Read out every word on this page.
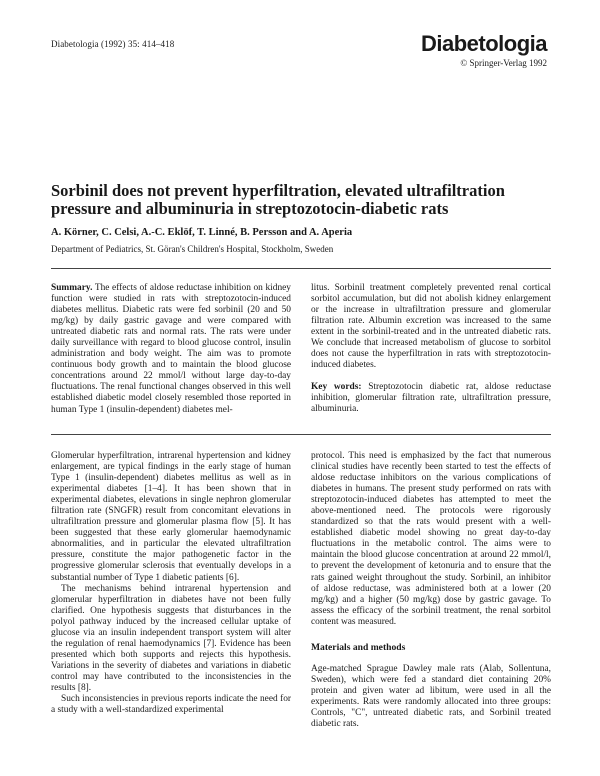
Diabetologia (1992) 35: 414–418	Diabetologia
© Springer-Verlag 1992
Sorbinil does not prevent hyperfiltration, elevated ultrafiltration pressure and albuminuria in streptozotocin-diabetic rats
A. Körner, C. Celsi, A.-C. Eklöf, T. Linné, B. Persson and A. Aperia
Department of Pediatrics, St. Göran's Children's Hospital, Stockholm, Sweden

Summary. The effects of aldose reductase inhibition on kidney function were studied in rats with streptozotocin-induced diabetes mellitus. Diabetic rats were fed sorbinil (20 and 50 mg/kg) by daily gastric gavage and were compared with untreated diabetic rats and normal rats. The rats were under daily surveillance with regard to blood glucose control, insulin administration and body weight. The aim was to promote continuous body growth and to maintain the blood glucose concentrations around 22 mmol/l without large day-to-day fluctuations. The renal functional changes observed in this well established diabetic model closely resembled those reported in human Type 1 (insulin-dependent) diabetes mel-

litus. Sorbinil treatment completely prevented renal cortical sorbitol accumulation, but did not abolish kidney enlargement or the increase in ultrafiltration pressure and glomerular filtration rate. Albumin excretion was increased to the same extent in the sorbinil-treated and in the untreated diabetic rats. We conclude that increased metabolism of glucose to sorbitol does not cause the hyperfiltration in rats with streptozotocin-induced diabetes.

Key words: Streptozotocin diabetic rat, aldose reductase inhibition, glomerular filtration rate, ultrafiltration pressure, albuminuria.

Glomerular hyperfiltration, intrarenal hypertension and kidney enlargement, are typical findings in the early stage of human Type 1 (insulin-dependent) diabetes mellitus as well as in experimental diabetes [1–4]. It has been shown that in experimental diabetes, elevations in single nephron glomerular filtration rate (SNGFR) result from concomitant elevations in ultrafiltration pressure and glomerular plasma flow [5]. It has been suggested that these early glomerular haemodynamic abnormalities, and in particular the elevated ultrafiltration pressure, constitute the major pathogenetic factor in the progressive glomerular sclerosis that eventually develops in a substantial number of Type 1 diabetic patients [6].

The mechanisms behind intrarenal hypertension and glomerular hyperfiltration in diabetes have not been fully clarified. One hypothesis suggests that disturbances in the polyol pathway induced by the increased cellular uptake of glucose via an insulin independent transport system will alter the regulation of renal haemodynamics [7]. Evidence has been presented which both supports and rejects this hypothesis. Variations in the severity of diabetes and variations in diabetic control may have contributed to the inconsistencies in the results [8].

Such inconsistencies in previous reports indicate the need for a study with a well-standardized experimental

protocol. This need is emphasized by the fact that numerous clinical studies have recently been started to test the effects of aldose reductase inhibitors on the various complications of diabetes in humans. The present study performed on rats with streptozotocin-induced diabetes has attempted to meet the above-mentioned need. The protocols were rigorously standardized so that the rats would present with a well-established diabetic model showing no great day-to-day fluctuations in the metabolic control. The aims were to maintain the blood glucose concentration at around 22 mmol/l, to prevent the development of ketonuria and to ensure that the rats gained weight throughout the study. Sorbinil, an inhibitor of aldose reductase, was administered both at a lower (20 mg/kg) and a higher (50 mg/kg) dose by gastric gavage. To assess the efficacy of the sorbinil treatment, the renal sorbitol content was measured.

Materials and methods

Age-matched Sprague Dawley male rats (Alab, Sollentuna, Sweden), which were fed a standard diet containing 20% protein and given water ad libitum, were used in all the experiments. Rats were randomly allocated into three groups: Controls, "C", untreated diabetic rats, and Sorbinil treated diabetic rats.
